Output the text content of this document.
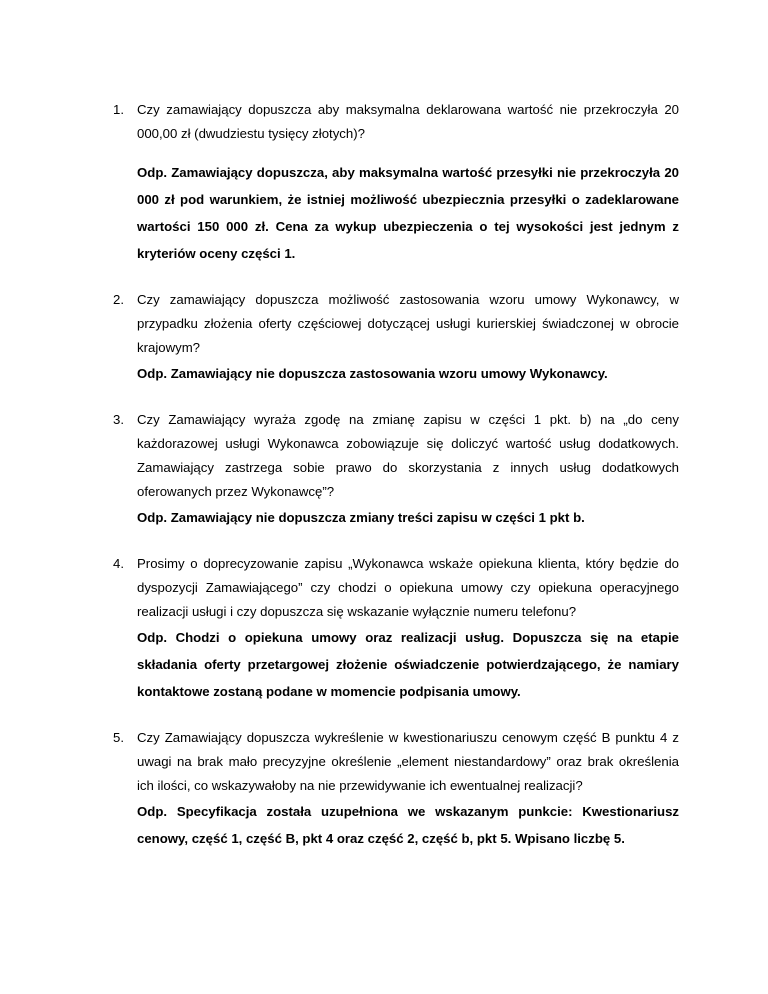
1. Czy zamawiający dopuszcza aby maksymalna deklarowana wartość nie przekroczyła 20 000,00 zł (dwudziestu tysięcy złotych)?

Odp. Zamawiający dopuszcza, aby maksymalna wartość przesyłki nie przekroczyła 20 000 zł pod warunkiem, że istniej możliwość ubezpiecznia przesyłki o zadeklarowane wartości 150 000 zł. Cena za wykup ubezpieczenia o tej wysokości jest jednym z kryteriów oceny części 1.

2. Czy zamawiający dopuszcza możliwość zastosowania wzoru umowy Wykonawcy, w przypadku złożenia oferty częściowej dotyczącej usługi kurierskiej świadczonej w obrocie krajowym?

Odp. Zamawiający nie dopuszcza zastosowania wzoru umowy Wykonawcy.

3. Czy Zamawiający wyraża zgodę na zmianę zapisu w części 1 pkt. b) na „do ceny każdorazowej usługi Wykonawca zobowiązuje się doliczyć wartość usług dodatkowych. Zamawiający zastrzega sobie prawo do skorzystania z innych usług dodatkowych oferowanych przez Wykonawcę”?

Odp. Zamawiający nie dopuszcza zmiany treści zapisu w części 1 pkt b.

4. Prosimy o doprecyzowanie zapisu „Wykonawca wskaże opiekuna klienta, który będzie do dyspozycji Zamawiającego” czy chodzi o opiekuna umowy czy opiekuna operacyjnego realizacji usługi i czy dopuszcza się wskazanie wyłącznie numeru telefonu?

Odp. Chodzi o opiekuna umowy oraz realizacji usług. Dopuszcza się na etapie składania oferty przetargowej złożenie oświadczenie potwierdzającego, że namiary kontaktowe zostaną podane w momencie podpisania umowy.

5. Czy Zamawiający dopuszcza wykreślenie w kwestionariuszu cenowym część B punktu 4 z uwagi na brak mało precyzyjne określenie „element niestandardowy” oraz brak określenia ich ilości, co wskazywałoby na nie przewidywanie ich ewentualnej realizacji?

Odp. Specyfikacja została uzupełniona we wskazanym punkcie: Kwestionariusz cenowy, część 1, część B, pkt 4 oraz część 2, część b, pkt 5. Wpisano liczbę 5.
